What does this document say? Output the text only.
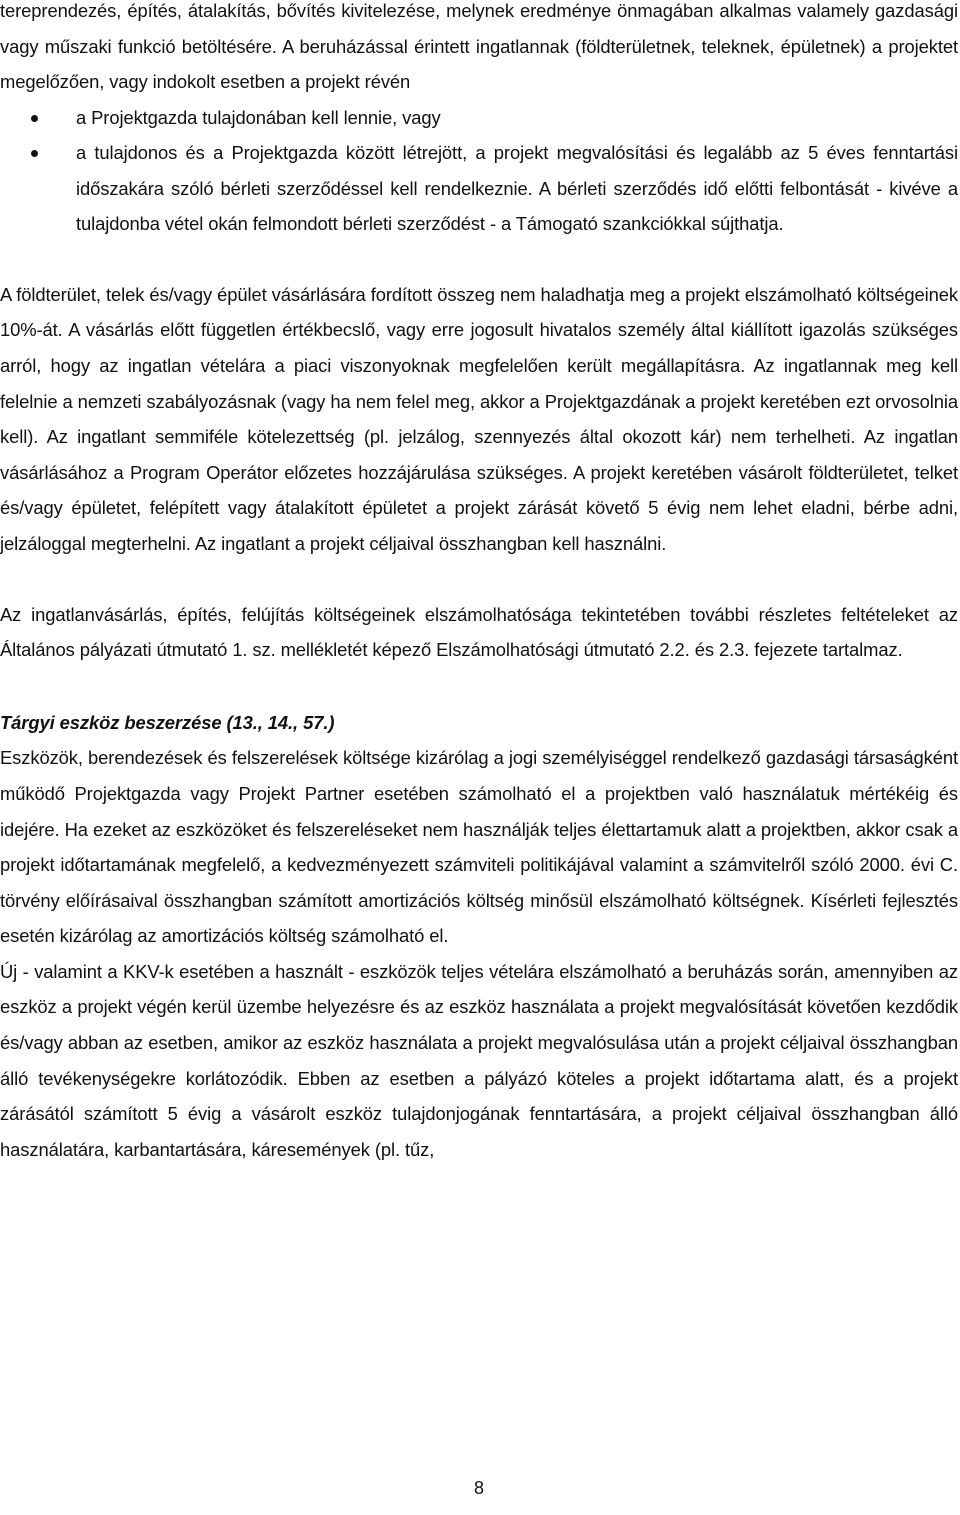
tereprendezés, építés, átalakítás, bővítés kivitelezése, melynek eredménye önmagában alkalmas valamely gazdasági vagy műszaki funkció betöltésére. A beruházással érintett ingatlannak (földterületnek, teleknek, épületnek) a projektet megelőzően, vagy indokolt esetben a projekt révén

a Projektgazda tulajdonában kell lennie, vagy
a tulajdonos és a Projektgazda között létrejött, a projekt megvalósítási és legalább az 5 éves fenntartási időszakára szóló bérleti szerződéssel kell rendelkeznie. A bérleti szerződés idő előtti felbontását - kivéve a tulajdonba vétel okán felmondott bérleti szerződést - a Támogató szankciókkal sújthatja.

A földterület, telek és/vagy épület vásárlására fordított összeg nem haladhatja meg a projekt elszámolható költségeinek 10%-át. A vásárlás előtt független értékbecslő, vagy erre jogosult hivatalos személy által kiállított igazolás szükséges arról, hogy az ingatlan vételára a piaci viszonyoknak megfelelően került megállapításra. Az ingatlannak meg kell felelnie a nemzeti szabályozásnak (vagy ha nem felel meg, akkor a Projektgazdának a projekt keretében ezt orvosolnia kell). Az ingatlant semmiféle kötelezettség (pl. jelzálog, szennyezés által okozott kár) nem terhelheti. Az ingatlan vásárlásához a Program Operátor előzetes hozzájárulása szükséges. A projekt keretében vásárolt földterületet, telket és/vagy épületet, felépített vagy átalakított épületet a projekt zárását követő 5 évig nem lehet eladni, bérbe adni, jelzáloggal megterhelni. Az ingatlant a projekt céljaival összhangban kell használni.

Az ingatlanvásárlás, építés, felújítás költségeinek elszámolhatósága tekintetében további részletes feltételeket az Általános pályázati útmutató 1. sz. mellékletét képező Elszámolhatósági útmutató 2.2. és 2.3. fejezete tartalmaz.

Tárgyi eszköz beszerzése (13., 14., 57.)

Eszközök, berendezések és felszerelések költsége kizárólag a jogi személyiséggel rendelkező gazdasági társaságként működő Projektgazda vagy Projekt Partner esetében számolható el a projektben való használatuk mértékéig és idejére. Ha ezeket az eszközöket és felszereléseket nem használják teljes élettartamuk alatt a projektben, akkor csak a projekt időtartamának megfelelő, a kedvezményezett számviteli politikájával valamint a számvitelről szóló 2000. évi C. törvény előírásaival összhangban számított amortizációs költség minősül elszámolható költségnek. Kísérleti fejlesztés esetén kizárólag az amortizációs költség számolható el.

Új - valamint a KKV-k esetében a használt - eszközök teljes vételára elszámolható a beruházás során, amennyiben az eszköz a projekt végén kerül üzembe helyezésre és az eszköz használata a projekt megvalósítását követően kezdődik és/vagy abban az esetben, amikor az eszköz használata a projekt megvalósulása után a projekt céljaival összhangban álló tevékenységekre korlátozódik. Ebben az esetben a pályázó köteles a projekt időtartama alatt, és a projekt zárásától számított 5 évig a vásárolt eszköz tulajdonjogának fenntartására, a projekt céljaival összhangban álló használatára, karbantartására, káresemények (pl. tűz,

8
